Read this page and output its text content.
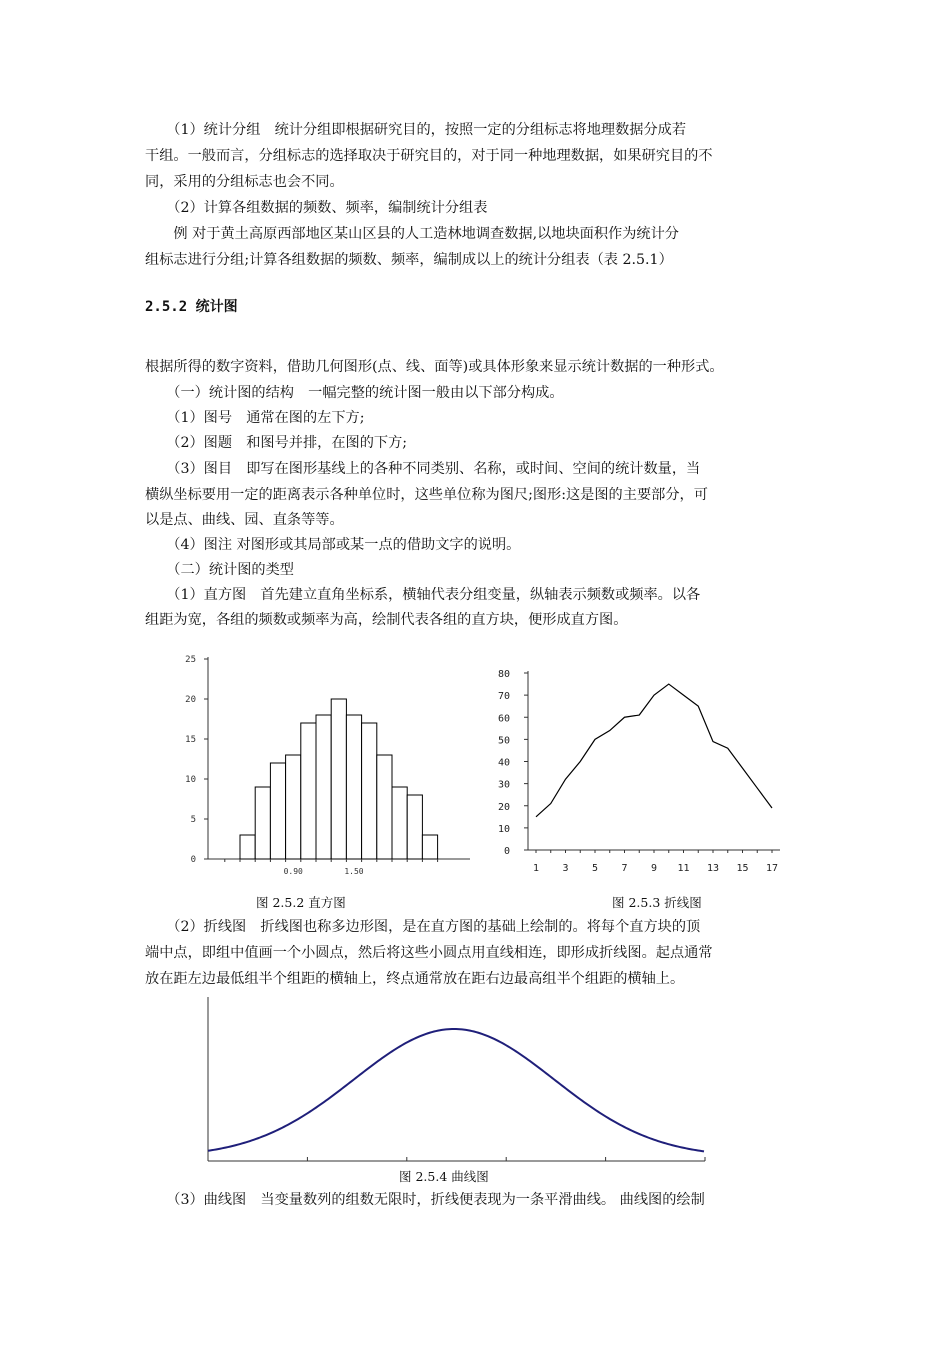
　　（1）统计分组　统计分组即根据研究目的，按照一定的分组标志将地理数据分成若

干组。一般而言，分组标志的选择取决于研究目的，对于同一种地理数据，如果研究目的不

同，采用的分组标志也会不同。

　　（2）计算各组数据的频数、频率，编制统计分组表

　　例 对于黄土高原西部地区某山区县的人工造林地调查数据,以地块面积作为统计分

组标志进行分组;计算各组数据的频数、频率，编制成以上的统计分组表（表 2.5.1）

2.5.2 统计图

根据所得的数字资料，借助几何图形(点、线、面等)或具体形象来显示统计数据的一种形式。

　　（一）统计图的结构　一幅完整的统计图一般由以下部分构成。

　　（1）图号　通常在图的左下方;

　　（2）图题　和图号并排，在图的下方;

　　（3）图目　即写在图形基线上的各种不同类别、名称，或时间、空间的统计数量，当

横纵坐标要用一定的距离表示各种单位时，这些单位称为图尺;图形:这是图的主要部分，可

以是点、曲线、园、直条等等。

　　（4）图注 对图形或其局部或某一点的借助文字的说明。

　　（二）统计图的类型

　　（1）直方图　首先建立直角坐标系，横轴代表分组变量，纵轴表示频数或频率。以各

组距为宽，各组的频数或频率为高，绘制代表各组的直方块，便形成直方图。

0
5
10
15
20
25
0.90	1.50
0
10
20
30
40
50
60
70
80
1 3 5 7 9 11 13 15 17
图 2.5.2 直方图	图 2.5.3 折线图

　　（2）折线图　折线图也称多边形图，是在直方图的基础上绘制的。将每个直方块的顶

端中点，即组中值画一个小圆点，然后将这些小圆点用直线相连，即形成折线图。起点通常

放在距左边最低组半个组距的横轴上，终点通常放在距右边最高组半个组距的横轴上。

图 2.5.4 曲线图

　　（3）曲线图　当变量数列的组数无限时，折线便表现为一条平滑曲线。 曲线图的绘制
